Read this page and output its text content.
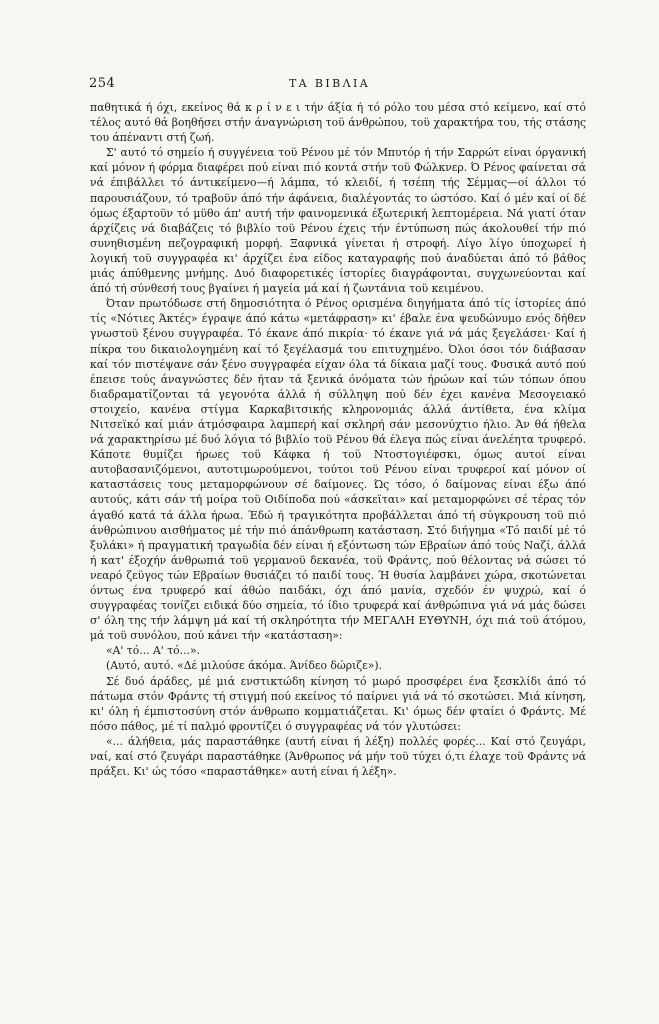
254	ΤΑ ΒΙΒΛΙΑ

παθητικά ή όχι, εκείνος θά κ ρ ί ν ε ι τήν άξία ή τό ρόλο του μέσα στό κείμενο, καί στό τέλος αυτό θά βοηθήσει στήν άναγνώριση τοϋ άνθρώπου, τοϋ χαρακτήρα του, τής στάσης του άπέναντι στή ζωή.

Σ' αυτό τό σημείο ή συγγένεια τοϋ Ρένου μέ τόν Μπυτόρ ή τήν Σαρρώτ είναι όργανική καί μόνον ή φόρμα διαφέρει πού είναι πιό κοντά στήν τοϋ Φώλκνερ. Ό Ρένος φαίνεται σά νά έπιβάλλει τό άντικείμενο—ή λάμπα, τό κλειδί, ή τσέπη τής Σέμμας—οί άλλοι τό παρουσιάζουν, τό τραβοϋν άπό τήν άφάνεια, διαλέγοντάς το ώστόσο. Καί ό μέν καί οί δέ όμως έξαρτοϋν τό μϋθο άπ' αυτή τήν φαινομενικά έξωτερική λεπτομέρεια. Νά γιατί όταν άρχίζεις νά διαβάζεις τό βιβλίο τοϋ Ρένου έχεις τήν έντύπωση πώς άκολουθεί τήν πιό συνηθισμένη πεζογραφική μορφή. Ξαφνικά γίνεται ή στροφή. Λίγο λίγο ύποχωρεί ή λογική τοϋ συγγραφέα κι' άρχίζει ένα είδος καταγραφής πού άναδύεται άπό τό βάθος μιάς άπύθμενης μνήμης. Δυό διαφορετικές ίστορίες διαγράφονται, συγχωνεύονται καί άπό τή σύνθεσή τους βγαίνει ή μαγεία μά καί ή ζωντάνια τοϋ κειμένου.

Όταν πρωτόδωσε στή δημοσιότητα ό Ρένος ορισμένα διηγήματα άπό τίς ίστορίες άπό τίς «Νότιες Άκτές» έγραψε άπό κάτω «μετάφραση» κι' έβαλε ένα ψευδώνυμο ενός δήθεν γνωστοϋ ξένου συγγραφέα. Τό έκανε άπό πικρία· τό έκανε γιά νά μάς ξεγελάσει· Καί ή πίκρα του δικαιολογημένη καί τό ξεγέλασμά του επιτυχημένο. Όλοι όσοι τόν διάβασαν καί τόν πιστέψανε σάν ξένο συγγραφέα είχαν όλα τά δίκαια μαζί τους. Φυσικά αυτό πού έπεισε τούς άναγνώστες δέν ήταν τά ξενικά όνόματα τών ήρώων καί τών τόπων όπου διαδραματίζονται τά γεγονότα άλλά ή σύλληψη πού δέν έχει κανένα Μεσογειακό στοιχείο, κανένα στίγμα Καρκαβιτσικής κληρονομιάς άλλά άντίθετα, ένα κλίμα Νιτσεϊκό καί μιάν άτμόσφαιρα λαμπερή καί σκληρή σάν μεσονύχτιο ήλιο. Άν θά ήθελα νά χαρακτηρίσω μέ δυό λόγια τό βιβλίο τοϋ Ρένου θά έλεγα πώς είναι άνελέητα τρυφερό. Κάποτε θυμίζει ήρωες τοϋ Κάφκα ή τοϋ Ντοστογιέφσκι, όμως αυτοί είναι αυτοβασανιζόμενοι, αυτοτιμωρούμενοι, τούτοι τοϋ Ρένου είναι τρυφεροί καί μόνον οί καταστάσεις τους μεταμορφώνουν σέ δαίμονες. Ώς τόσο, ό δαίμονας είναι έξω άπό αυτούς, κάτι σάν τή μοίρα τοϋ Οιδίποδα πού «άσκεϊται» καί μεταμορφώνει σέ τέρας τόν άγαθό κατά τά άλλα ήρωα. Έδώ ή τραγικότητα προβάλλεται άπό τή σύγκρουση τοϋ πιό άνθρώπινου αισθήματος μέ τήν πιό άπάνθρωπη κατάσταση. Στό διήγημα «Τό παιδί μέ τό ξυλάκι» ή πραγματική τραγωδία δέν είναι ή εξόντωση τών Εβραίων άπό τούς Ναζί, άλλά ή κατ' έξοχήν άνθρωπιά τοϋ γερμανοϋ δεκανέα, τοϋ Φράντς, πού θέλοντας νά σώσει τό νεαρό ζεϋγος τών Εβραίων θυσιάζει τό παιδί τους. Ή θυσία λαμβάνει χώρα, σκοτώνεται όντως ένα τρυφερό καί άθώο παιδάκι, όχι άπό μανία, σχεδόν έν ψυχρώ, καί ό συγγραφέας τονίζει ειδικά δύο σημεία, τό ίδιο τρυφερά καί άνθρώπινα γιά νά μάς δώσει σ' όλη της τήν λάμψη μά καί τή σκληρότητα τήν ΜΕΓΑΛΗ ΕΥΘΥΝΗ, όχι πιά τοϋ άτόμου, μά τοϋ συνόλου, πού κάνει τήν «κατάσταση»:

«Α' τό... Α' τό...».

(Αυτό, αυτό. «Δέ μιλούσε άκόμα. Άνίδεο δώριζε»).

Σέ δυό άράδες, μέ μιά ενστικτώδη κίνηση τό μωρό προσφέρει ένα ξεσκλίδι άπό τό πάτωμα στόν Φράντς τή στιγμή πού εκείνος τό παίρνει γιά νά τό σκοτώσει. Μιά κίνηση, κι' όλη ή έμπιστοσύνη στόν άνθρωπο κομματιάζεται. Κι' όμως δέν φταίει ό Φράντς. Μέ πόσο πάθος, μέ τί παλμό φροντίζει ό συγγραφέας νά τόν γλυτώσει:

«... άλήθεια, μάς παραστάθηκε (αυτή είναι ή λέξη) πολλές φορές... Καί στό ζευγάρι, ναί, καί στό ζευγάρι παραστάθηκε (Άνθρωπος νά μήν τοϋ τύχει ό,τι έλαχε τοϋ Φράντς νά πράξει. Κι' ώς τόσο «παραστάθηκε» αυτή είναι ή λέξη».
